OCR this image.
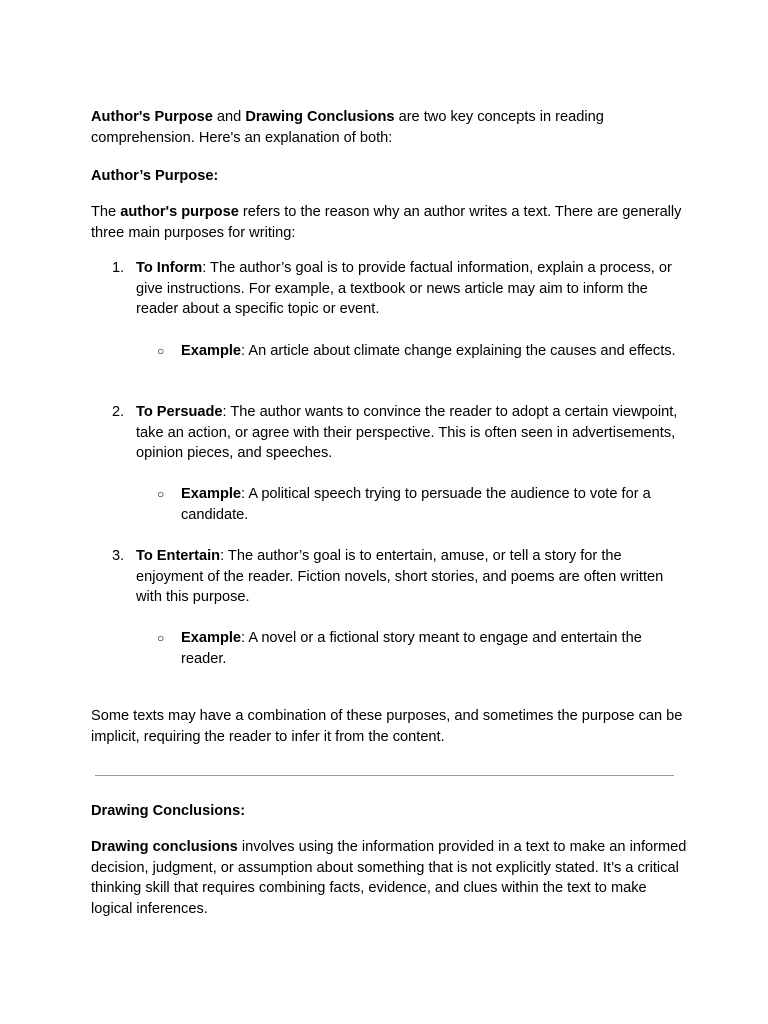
Author's Purpose and Drawing Conclusions are two key concepts in reading comprehension. Here's an explanation of both:

Author’s Purpose:

The author's purpose refers to the reason why an author writes a text. There are generally three main purposes for writing:

1. To Inform: The author’s goal is to provide factual information, explain a process, or give instructions. For example, a textbook or news article may aim to inform the reader about a specific topic or event.
○ Example: An article about climate change explaining the causes and effects.
2. To Persuade: The author wants to convince the reader to adopt a certain viewpoint, take an action, or agree with their perspective. This is often seen in advertisements, opinion pieces, and speeches.
○ Example: A political speech trying to persuade the audience to vote for a candidate.
3. To Entertain: The author’s goal is to entertain, amuse, or tell a story for the enjoyment of the reader. Fiction novels, short stories, and poems are often written with this purpose.
○ Example: A novel or a fictional story meant to engage and entertain the reader.

Some texts may have a combination of these purposes, and sometimes the purpose can be implicit, requiring the reader to infer it from the content.

Drawing Conclusions:

Drawing conclusions involves using the information provided in a text to make an informed decision, judgment, or assumption about something that is not explicitly stated. It’s a critical thinking skill that requires combining facts, evidence, and clues within the text to make logical inferences.
